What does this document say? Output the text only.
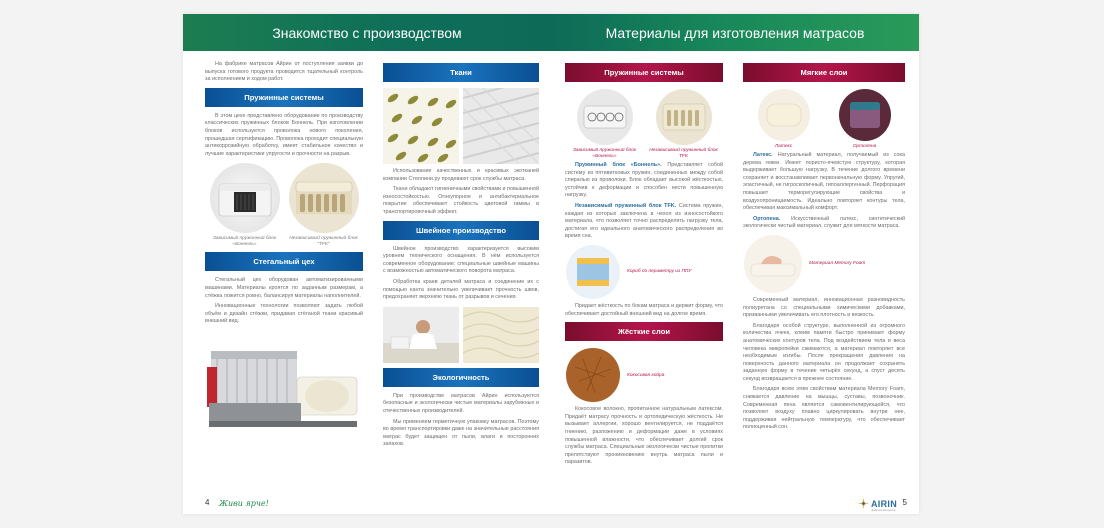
Знакомство с производством

На фабрике матрасов Айрин от поступления заявки до выпуска готового продукта проводится тщательный контроль за исполнением и ходом работ.

Пружинные системы

В этом цехе представлено оборудование по производству классических пружинных блоков Боннель. При изготовлении блоков используется проволока нового поколения, прошедшая сертификацию. Проволока проходит специальную антикоррозийную обработку, имеет стабильное качество и лучшие характеристики упругости и прочности на разрыв.

Зависимый пружинный блок «Боннель»
Независимый пружинный блок "TFK"
Стегальный цех

Стегальный цех оборудован автоматизированными машинами. Материалы кроятся по заданным размерам, а стёжка ложится ровно, балансируя материалы наполнителей.

Инновационные технологии позволяют задать любой объём и дизайн стёжки, придавая стёганой ткани красивый внешний вид.

Ткани

Использование качественных и красивых экотканей компании Стеллини.ру продевают срок службы матраса.

Ткани обладают гигиеничными свойствами и повышенной износостойкостью. Огнеупорное и антибактериальное покрытие обеспечивает стойкость цветовой гаммы в транспортировочный эффект.

Швейное производство

Швейное производство характеризуется высоким уровнем технического оснащения. В нём используется современное оборудование: специальные швейные машины с возможностью автоматического поворота матраса.

Обработка краев деталей матраса и соединение их с помощью канта значительно увеличивает прочность швов, предохраняет верхнюю ткань от разрывов и сечения.

Экологичность

При производстве матрасов Айрин используются безопасные и экологически чистые материалы зарубежных и отечественных производителей.

Мы применяем герметичную упаковку матрасов. Поэтому во время транспортировки даже на значительные расстояния матрас будет защищен от пыли, влаги и посторонних запахов.

4 Живи ярче!
Материалы для изготовления матрасов
Пружинные системы
Зависимый пружинный блок «Боннель»
Независимый пружинный блок TFK

Пружинный блок «Боннель». Представляет собой систему из пятивитковых пружин, соединенных между собой спиралью из проволоки. Блок обладает высокой жёсткостью, устойчив к деформации и способен нести повышенную нагрузку.

Независимый пружинный блок TFK. Система пружин, каждая из которых заключена в чехол из износостойкого материала, что позволяет точно распределять нагрузку тела, достигая его идеального анатомического распределения во время сна.

Короб по периметру из ППУ

Придает жёсткость по бокам матраса и держит форму, что обеспечивает достойный внешний вид на долгое время.

Жёсткие слои
Кокосовая койра

Кокосовое волокно, пропитанное натуральным латексом. Придаёт матрасу прочность и ортопедическую жёсткость. Не вызывает аллергии, хорошо вентилируется, не поддаётся гниению, разложению и деформации даже в условиях повышенной влажности, что обеспечивает долгий срок службы матраса. Специальные экологически чистые пропитки препятствуют проникновению внутрь матраса пыли и паразитов.

Мягкие слои
Латекс	Ортопена

Латекс. Натуральный материал, получаемый из сока дерева гевеи. Имеет пористо-ячеистую структуру, которая выдерживает большую нагрузку. В течение долгого времени сохраняет и восстанавливает первоначальную форму. Упругий, эластичный, не гигроскопичный, гипоаллергенный. Перфорация повышает терморегулирующие свойства и воздухопроницаемость. Идеально повторяет контуры тела, обеспечивая максимальный комфорт.

Ортопена. Искусственный латекс, синтетический экологически чистый материал, служит для мягкости матраса.

Материал Memory Foam

Современный материал, инновационная разновидность полиуретана со специальными химическими добавками, призванными увеличивать его плотность и вязкость.

Благодаря особой структуре, выполненной из огромного количества ячеек, клеим памяти быстро принимает форму анатомических контуров тела. Под воздействием тела и веса человека микропейки сжимаются, а материал повторяет все необходимые изгибы. После прекращения давления на поверхность данного материала он продолжает сохранять заданную форму в течение четырёх секунд, а спуст десять секунд возвращается в прежнее состояние.

Благодаря всем этим свойствам материала Memory Foam, снижается давление на мышцы, суставы, позвоночник. Современная пена является самовентилирующейся, что позволяет воздуху плавно циркулировать внутри нее, поддерживая нейтральную температуру, что обеспечивает полноценный сон.

AIRIN
фабрика матрасов
5
